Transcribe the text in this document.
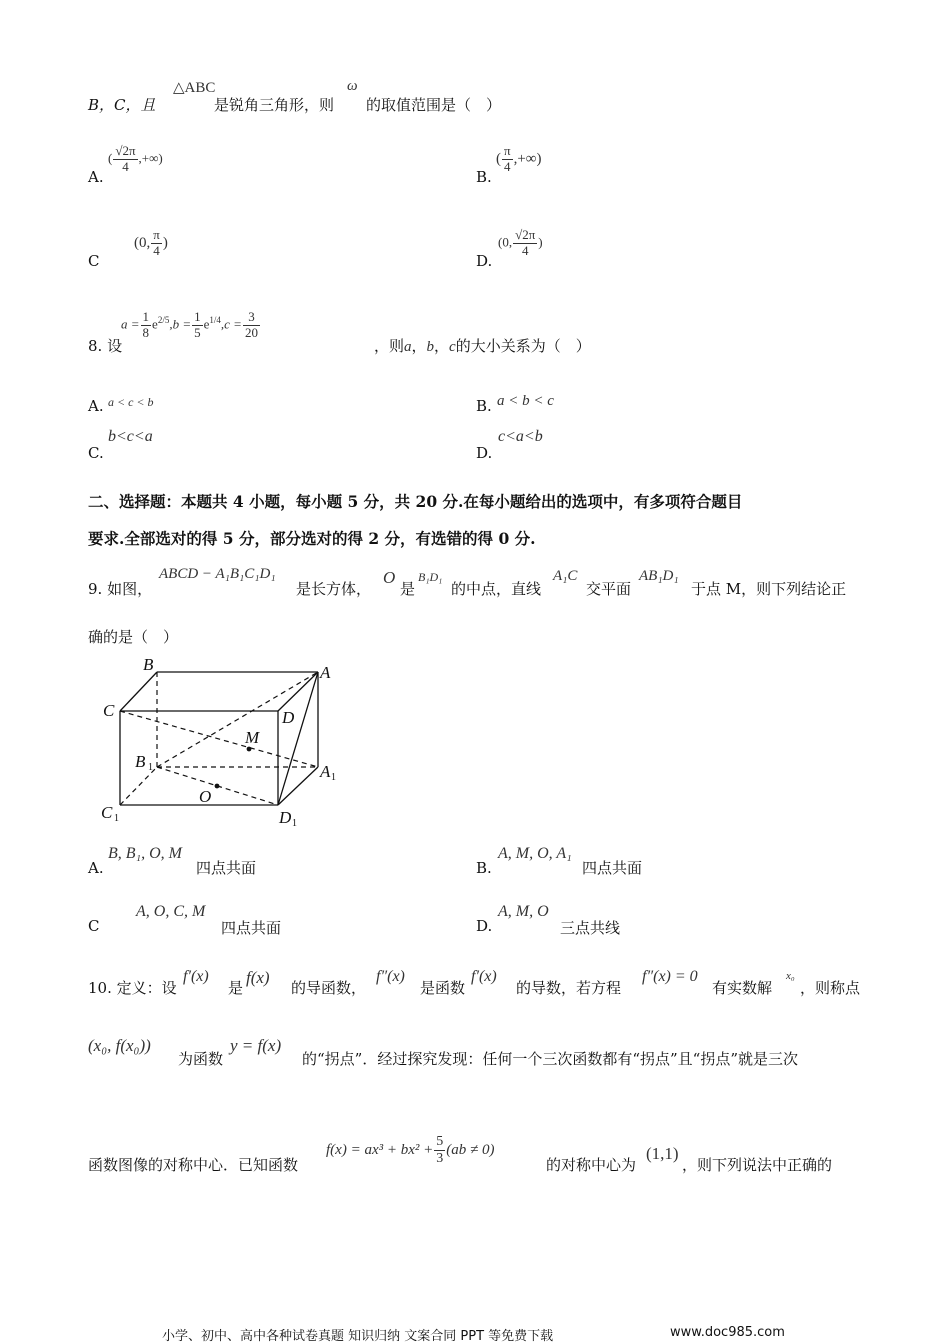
B，C，且
△ABC
是锐角三角形，则
ω
的取值范围是（　）
A.
( $\frac{√2\pi}{4}$ ,+∞)
B.
( $\frac{\pi}{4}$ ,+∞)
C
(0, $\frac{\pi}{4}$ )
D.
(0, $\frac{√2\pi}{4}$ )
8. 设
$a = \frac{1}{8} e^{2/5},b = \frac{1}{5} e^{1/4},c = \frac{3}{20}$
，则a，b，c的大小关系为（　）
A. a < c < b	B. a < b < c
C.
b<c<a
D.
c<a<b
二、选择题：本题共 4 小题，每小题 5 分，共 20 分.在每小题给出的选项中，有多项符合题目
要求.全部选对的得 5 分，部分选对的得 2 分，有选错的得 0 分.
9. 如图，
ABCD − A₁B₁C₁D₁
是长方体，
O
是
B₁D₁
的中点，直线
A₁C
交平面
AB₁D₁
于点 M，则下列结论正
确的是（　）
B	A
C	D
M
B
A
O
C	D
1
1
1	1
A.
B, B₁, O, M
四点共面	B.
A, M, O, A₁
四点共面
C
A, O, C, M
四点共面	D.
A, M, O
三点共线
10. 定义：设
f′(x)
是
f(x)
的导函数，
f″(x)
是函数
f′(x)
的导数，若方程
f″(x) = 0
有实数解
x₀
，则称点
(x₀, f(x₀))
为函数
y = f(x)
的“拐点”．经过探究发现：任何一个三次函数都有“拐点”且“拐点”就是三次
函数图像的对称中心．已知函数
$f(x) = ax^3 + bx^2 + \frac{5}{3} (ab \ne 0)$
的对称中心为
(1,1)
，则下列说法中正确的
小学、初中、高中各种试卷真题 知识归纳 文案合同 PPT 等免费下载	www.doc985.com
